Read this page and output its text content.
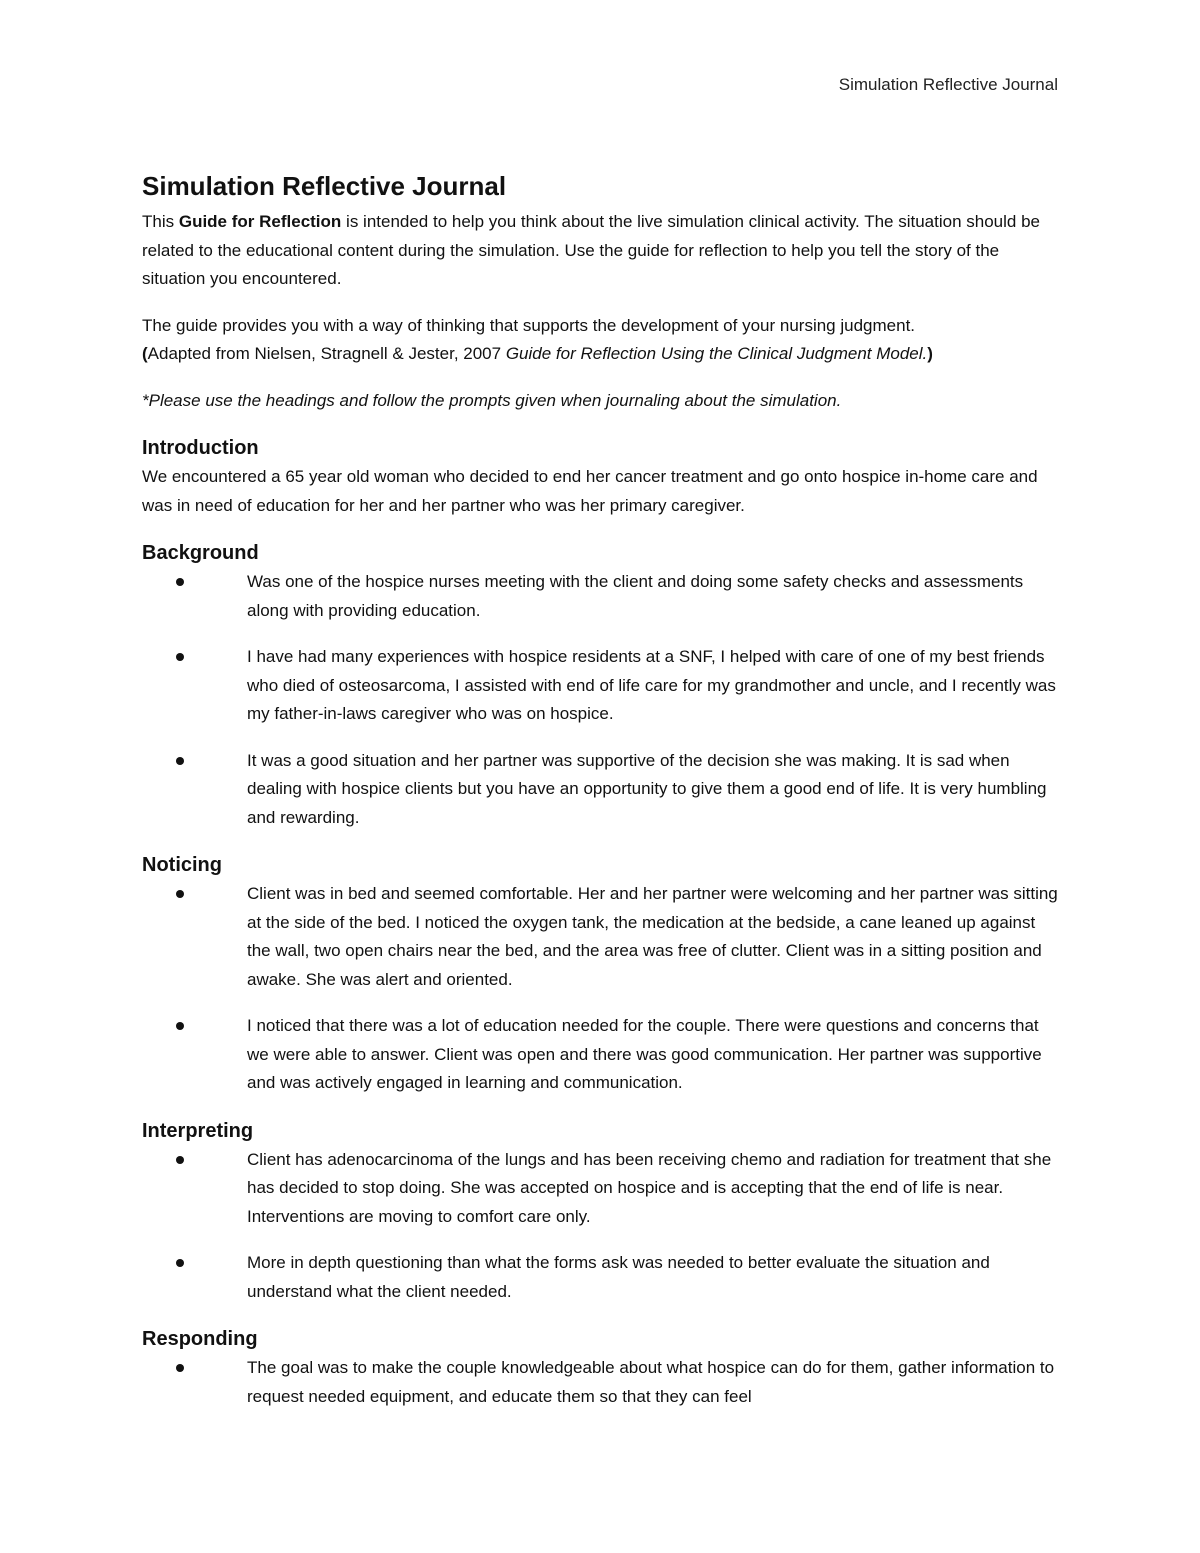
Simulation Reflective Journal
Simulation Reflective Journal

This Guide for Reflection is intended to help you think about the live simulation clinical activity. The situation should be related to the educational content during the simulation. Use the guide for reflection to help you tell the story of the situation you encountered.

The guide provides you with a way of thinking that supports the development of your nursing judgment.
(Adapted from Nielsen, Stragnell & Jester, 2007 Guide for Reflection Using the Clinical Judgment Model.)

*Please use the headings and follow the prompts given when journaling about the simulation.

Introduction

We encountered a 65 year old woman who decided to end her cancer treatment and go onto hospice in-home care and was in need of education for her and her partner who was her primary caregiver.

Background
Was one of the hospice nurses meeting with the client and doing some safety checks and assessments along with providing education.
I have had many experiences with hospice residents at a SNF, I helped with care of one of my best friends who died of osteosarcoma, I assisted with end of life care for my grandmother and uncle, and I recently was my father-in-laws caregiver who was on hospice.
It was a good situation and her partner was supportive of the decision she was making. It is sad when dealing with hospice clients but you have an opportunity to give them a good end of life. It is very humbling and rewarding.
Noticing
Client was in bed and seemed comfortable. Her and her partner were welcoming and her partner was sitting at the side of the bed. I noticed the oxygen tank, the medication at the bedside, a cane leaned up against the wall, two open chairs near the bed, and the area was free of clutter. Client was in a sitting position and awake. She was alert and oriented.
I noticed that there was a lot of education needed for the couple. There were questions and concerns that we were able to answer. Client was open and there was good communication. Her partner was supportive and was actively engaged in learning and communication.
Interpreting
Client has adenocarcinoma of the lungs and has been receiving chemo and radiation for treatment that she has decided to stop doing. She was accepted on hospice and is accepting that the end of life is near. Interventions are moving to comfort care only.
More in depth questioning than what the forms ask was needed to better evaluate the situation and understand what the client needed.
Responding
The goal was to make the couple knowledgeable about what hospice can do for them, gather information to request needed equipment, and educate them so that they can feel
